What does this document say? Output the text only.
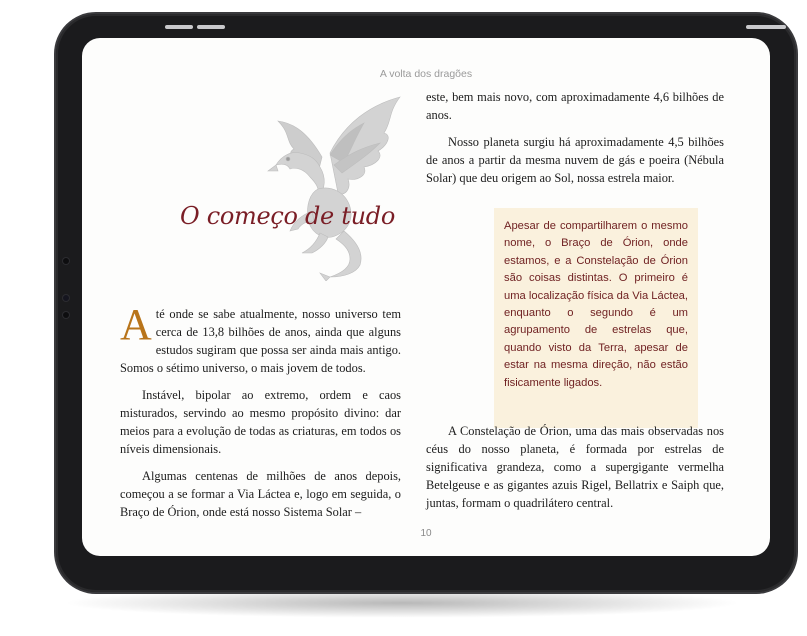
A volta dos dragões
O começo de tudo

Até onde se sabe atualmente, nosso universo tem cerca de 13,8 bilhões de anos, ainda que alguns estudos sugiram que possa ser ainda mais antigo. Somos o sétimo universo, o mais jovem de todos.

Instável, bipolar ao extremo, ordem e caos misturados, servindo ao mesmo propósito divino: dar meios para a evolução de todas as criaturas, em todos os níveis dimensionais.

Algumas centenas de milhões de anos depois, começou a se formar a Via Láctea e, logo em seguida, o Braço de Órion, onde está nosso Sistema Solar –

este, bem mais novo, com aproximadamente 4,6 bilhões de anos.

Nosso planeta surgiu há aproximadamente 4,5 bilhões de anos a partir da mesma nuvem de gás e poeira (Nébula Solar) que deu origem ao Sol, nossa estrela maior.

Apesar de compartilharem o mesmo nome, o Braço de Órion, onde estamos, e a Constelação de Órion são coisas distintas. O primeiro é uma localização física da Via Láctea, enquanto o segundo é um agrupamento de estrelas que, quando visto da Terra, apesar de estar na mesma direção, não estão fisicamente ligados.

A Constelação de Órion, uma das mais observadas nos céus do nosso planeta, é formada por estrelas de significativa grandeza, como a supergigante vermelha Betelgeuse e as gigantes azuis Rigel, Bellatrix e Saiph que, juntas, formam o quadrilátero central.

10
